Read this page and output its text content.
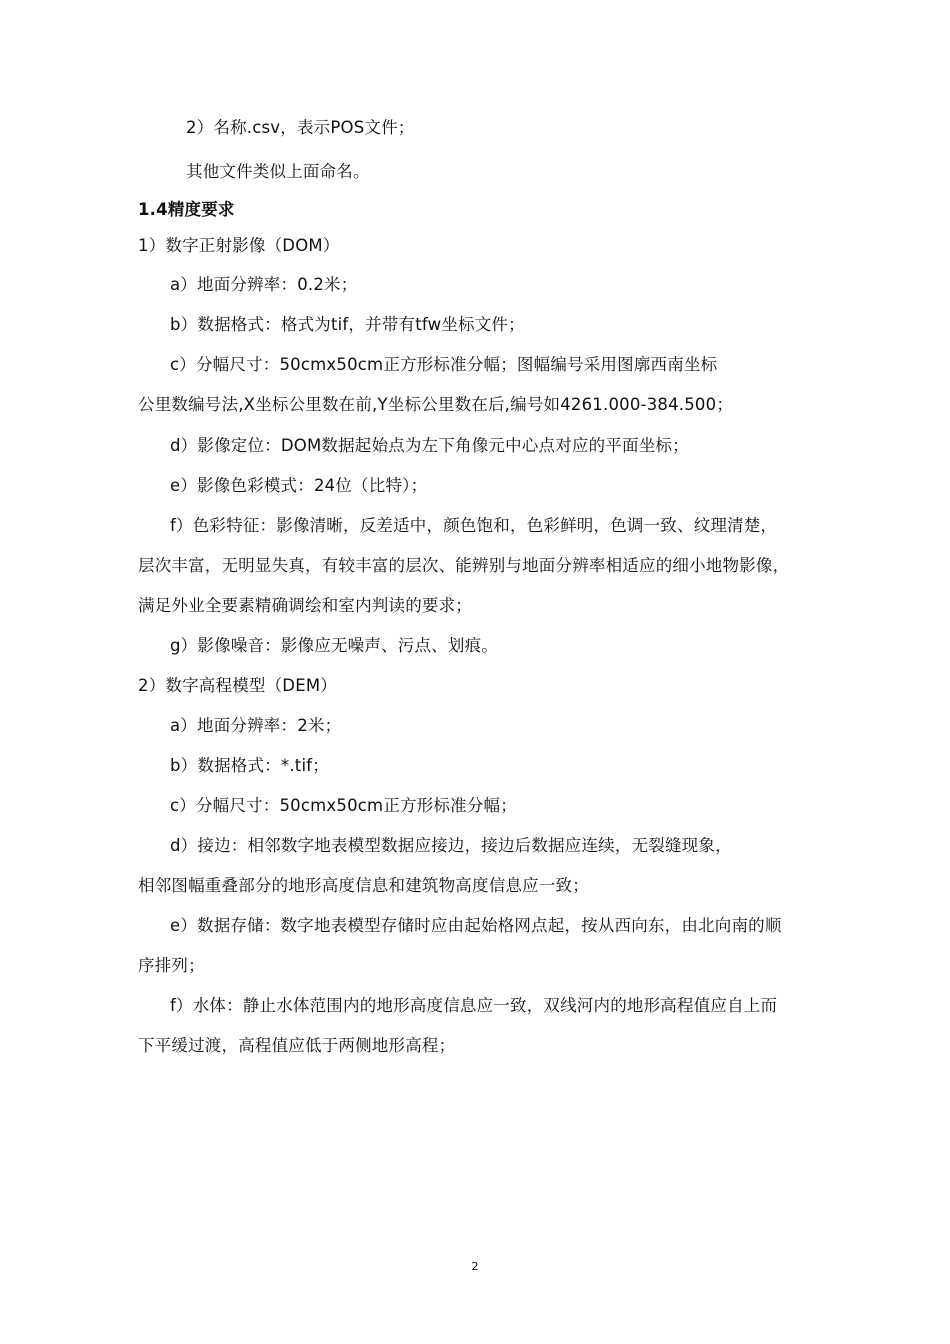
2）名称.csv，表示POS文件；
其他文件类似上面命名。
1.4精度要求
1）数字正射影像（DOM）
a）地面分辨率：0.2米；
b）数据格式：格式为tif，并带有tfw坐标文件；
c）分幅尺寸：50cmx50cm正方形标准分幅；图幅编号采用图廓西南坐标
公里数编号法,X坐标公里数在前,Y坐标公里数在后,编号如4261.000-384.500；
d）影像定位：DOM数据起始点为左下角像元中心点对应的平面坐标；
e）影像色彩模式：24位（比特）；
f）色彩特征：影像清晰，反差适中，颜色饱和，色彩鲜明，色调一致、纹理清楚，
层次丰富，无明显失真，有较丰富的层次、能辨别与地面分辨率相适应的细小地物影像，
满足外业全要素精确调绘和室内判读的要求；
g）影像噪音：影像应无噪声、污点、划痕。
2）数字高程模型（DEM）
a）地面分辨率：2米；
b）数据格式：*.tif；
c）分幅尺寸：50cmx50cm正方形标准分幅；
d）接边：相邻数字地表模型数据应接边，接边后数据应连续，无裂缝现象，
相邻图幅重叠部分的地形高度信息和建筑物高度信息应一致；
e）数据存储：数字地表模型存储时应由起始格网点起，按从西向东，由北向南的顺
序排列；
f）水体：静止水体范围内的地形高度信息应一致，双线河内的地形高程值应自上而
下平缓过渡，高程值应低于两侧地形高程；
2
